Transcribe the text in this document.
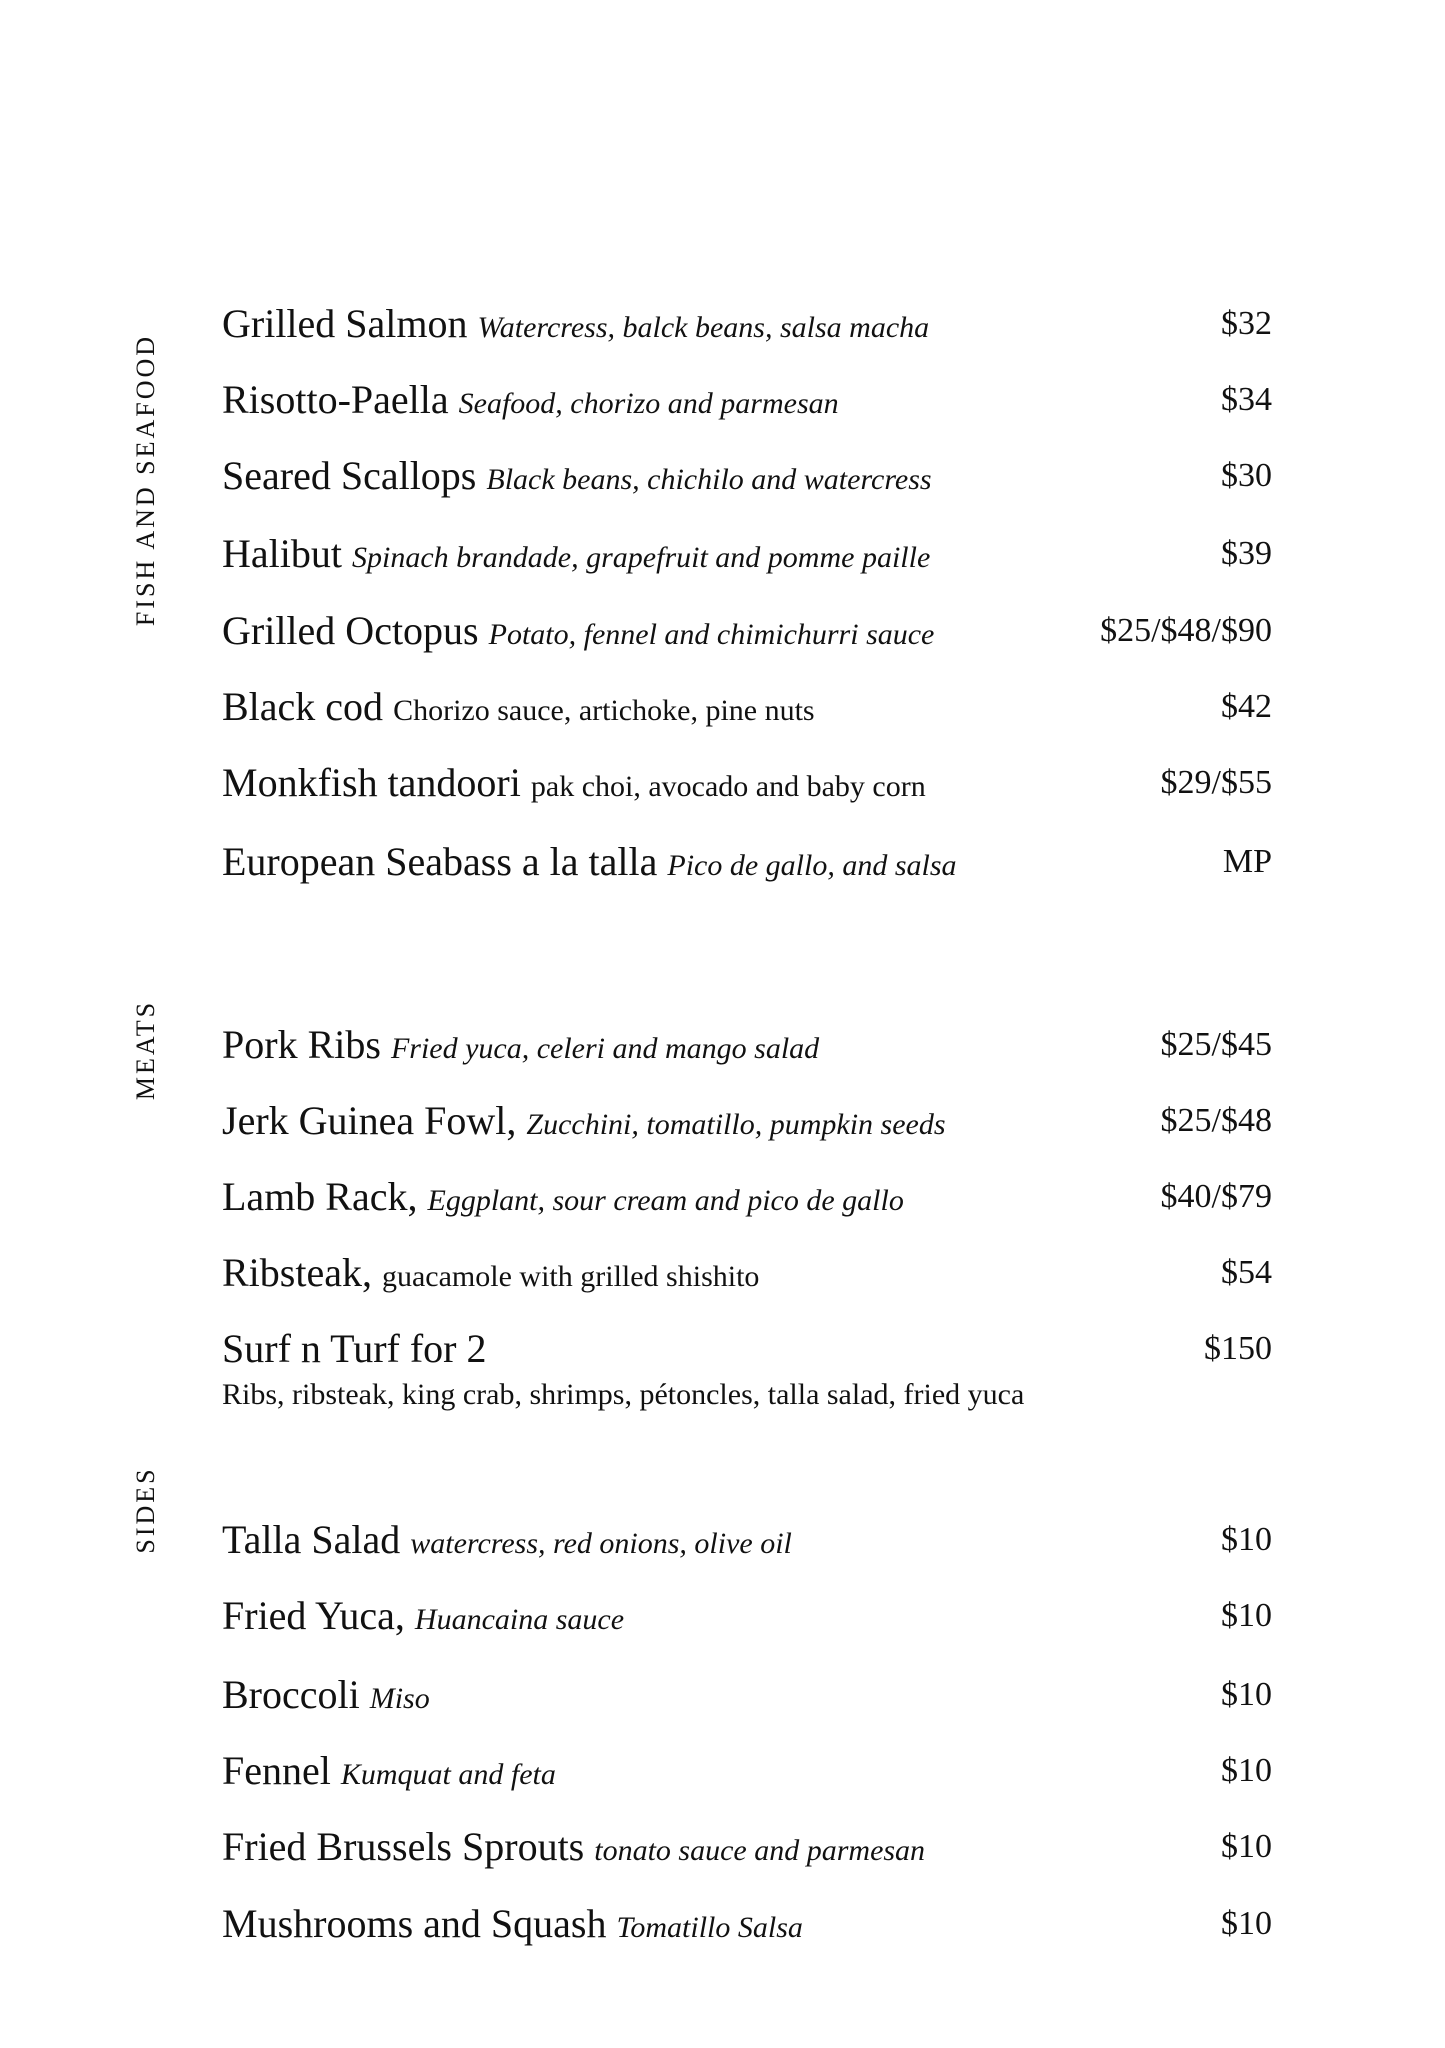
FISH AND SEAFOOD
MEATS
SIDES
Grilled Salmon Watercress, balck beans, salsa macha	$32
Risotto-Paella Seafood, chorizo and parmesan	$34
Seared Scallops Black beans, chichilo and watercress	$30
Halibut Spinach brandade, grapefruit and pomme paille	$39
Grilled Octopus Potato, fennel and chimichurri sauce	$25/$48/$90
Black cod Chorizo sauce, artichoke, pine nuts	$42
Monkfish tandoori pak choi, avocado and baby corn	$29/$55
European Seabass a la talla Pico de gallo, and salsa	MP
Pork Ribs Fried yuca, celeri and mango salad	$25/$45
Jerk Guinea Fowl, Zucchini, tomatillo, pumpkin seeds	$25/$48
Lamb Rack, Eggplant, sour cream and pico de gallo	$40/$79
Ribsteak, guacamole with grilled shishito	$54
Surf n Turf for 2	$150
Ribs, ribsteak, king crab, shrimps, pétoncles, talla salad, fried yuca
Talla Salad watercress, red onions, olive oil	$10
Fried Yuca, Huancaina sauce	$10
Broccoli Miso	$10
Fennel Kumquat and feta	$10
Fried Brussels Sprouts tonato sauce and parmesan	$10
Mushrooms and Squash Tomatillo Salsa	$10
